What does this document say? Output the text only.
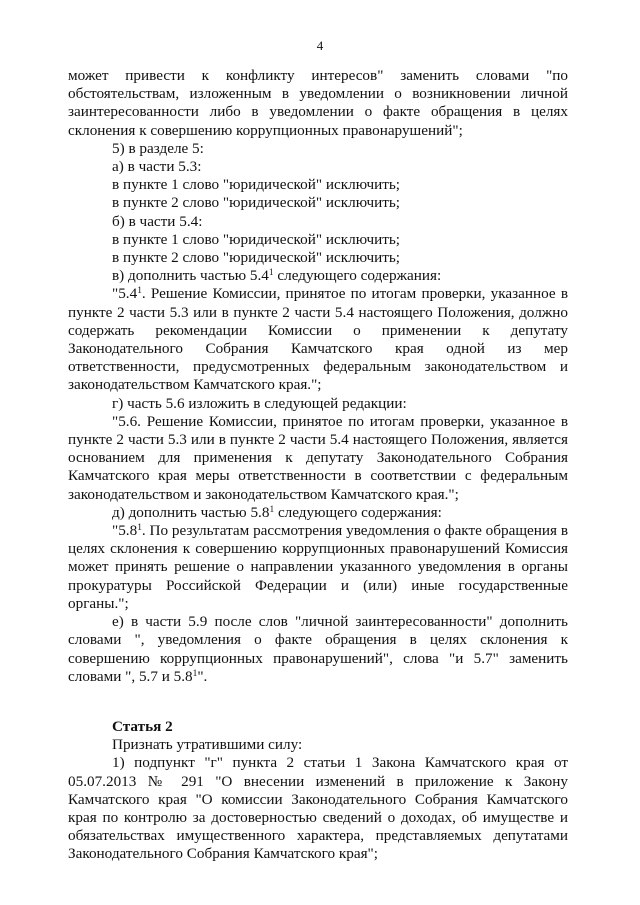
4

может привести к конфликту интересов" заменить словами "по обстоятельствам, изложенным в уведомлении о возникновении личной заинтересованности либо в уведомлении о факте обращения в целях склонения к совершению коррупционных правонарушений";

5) в разделе 5:

а) в части 5.3:

в пункте 1 слово "юридической" исключить;

в пункте 2 слово "юридической" исключить;

б) в части 5.4:

в пункте 1 слово "юридической" исключить;

в пункте 2 слово "юридической" исключить;

в) дополнить частью $5.4^1$ следующего содержания:

"$5.4^1$. Решение Комиссии, принятое по итогам проверки, указанное в пункте 2 части 5.3 или в пункте 2 части 5.4 настоящего Положения, должно содержать рекомендации Комиссии о применении к депутату Законодательного Собрания Камчатского края одной из мер ответственности, предусмотренных федеральным законодательством и законодательством Камчатского края.";

г) часть 5.6 изложить в следующей редакции:

"5.6. Решение Комиссии, принятое по итогам проверки, указанное в пункте 2 части 5.3 или в пункте 2 части 5.4 настоящего Положения, является основанием для применения к депутату Законодательного Собрания Камчатского края меры ответственности в соответствии с федеральным законодательством и законодательством Камчатского края.";

д) дополнить частью $5.8^1$ следующего содержания:

"$5.8^1$. По результатам рассмотрения уведомления о факте обращения в целях склонения к совершению коррупционных правонарушений Комиссия может принять решение о направлении указанного уведомления в органы прокуратуры Российской Федерации и (или) иные государственные органы.";

е) в части 5.9 после слов "личной заинтересованности" дополнить словами ", уведомления о факте обращения в целях склонения к совершению коррупционных правонарушений", слова "и 5.7" заменить словами ", 5.7 и $5.8^1$".

Статья 2

Признать утратившими силу:

1) подпункт "г" пункта 2 статьи 1 Закона Камчатского края от 05.07.2013 № 291 "О внесении изменений в приложение к Закону Камчатского края "О комиссии Законодательного Собрания Камчатского края по контролю за достоверностью сведений о доходах, об имуществе и обязательствах имущественного характера, представляемых депутатами Законодательного Собрания Камчатского края";
